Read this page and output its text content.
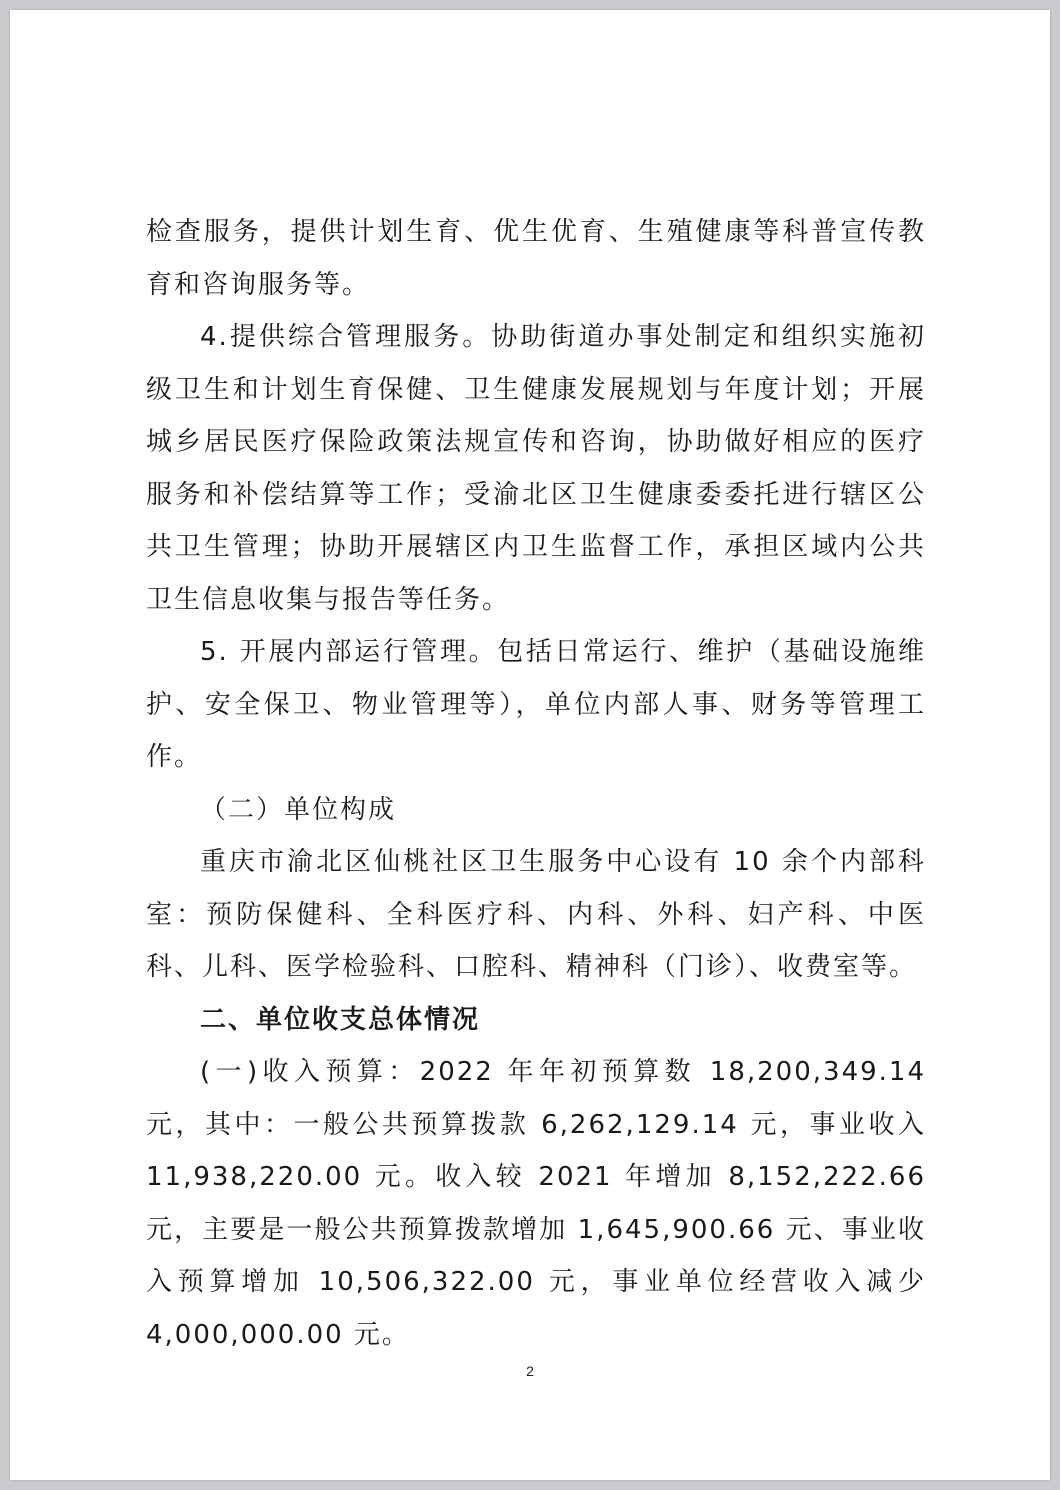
检查服务，提供计划生育、优生优育、生殖健康等科普宣传教育和咨询服务等。

4.提供综合管理服务。协助街道办事处制定和组织实施初级卫生和计划生育保健、卫生健康发展规划与年度计划；开展城乡居民医疗保险政策法规宣传和咨询，协助做好相应的医疗服务和补偿结算等工作；受渝北区卫生健康委委托进行辖区公共卫生管理；协助开展辖区内卫生监督工作，承担区域内公共卫生信息收集与报告等任务。

5. 开展内部运行管理。包括日常运行、维护（基础设施维护、安全保卫、物业管理等），单位内部人事、财务等管理工作。

（二）单位构成

重庆市渝北区仙桃社区卫生服务中心设有 10 余个内部科室：预防保健科、全科医疗科、内科、外科、妇产科、中医科、儿科、医学检验科、口腔科、精神科（门诊）、收费室等。

二、单位收支总体情况

(一)收入预算：2022 年年初预算数 18,200,349.14 元，其中：一般公共预算拨款 6,262,129.14 元，事业收入 11,938,220.00 元。收入较 2021 年增加 8,152,222.66 元，主要是一般公共预算拨款增加 1,645,900.66 元、事业收入预算增加 10,506,322.00 元，事业单位经营收入减少 4,000,000.00 元。

2
